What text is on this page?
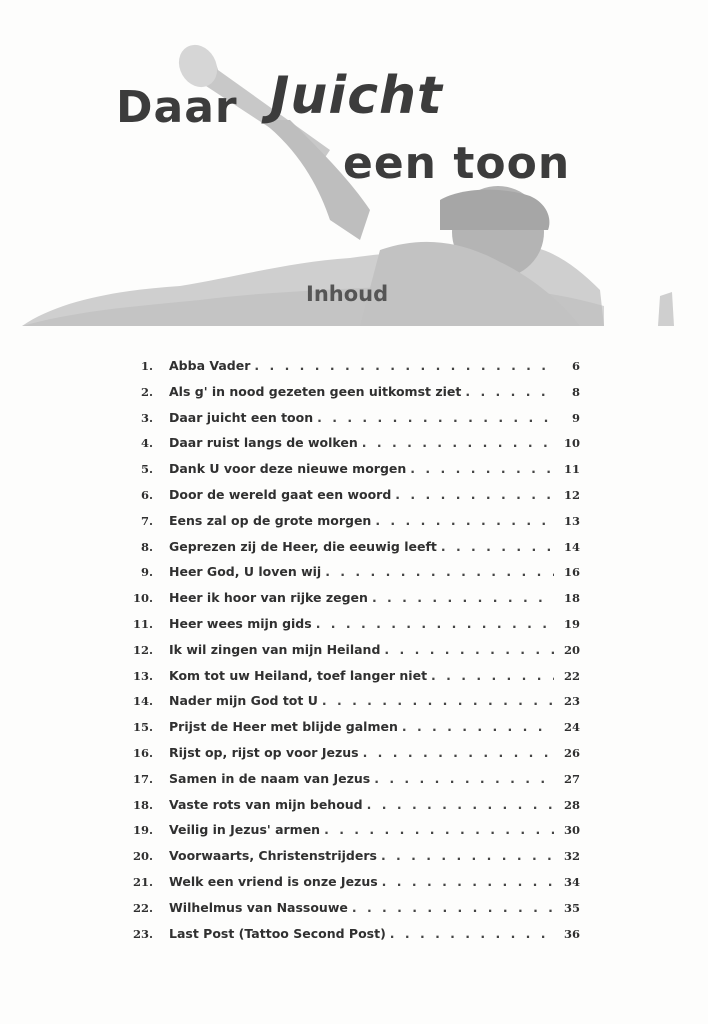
Daar Juicht
een toon
Inhoud
1. Abba Vader . . .	6
2. Als g' in nood gezeten geen uitkomst ziet . . .	8
3. Daar juicht een toon . . .	9
4. Daar ruist langs de wolken . . .	10
5. Dank U voor deze nieuwe morgen . . .	11
6. Door de wereld gaat een woord . . .	12
7. Eens zal op de grote morgen . . .	13
8. Geprezen zij de Heer, die eeuwig leeft . . .	14
9. Heer God, U loven wij . . .	16
10. Heer ik hoor van rijke zegen . . .	18
11. Heer wees mijn gids . . .	19
12. Ik wil zingen van mijn Heiland . . .	20
13. Kom tot uw Heiland, toef langer niet . . .	22
14. Nader mijn God tot U . . .	23
15. Prijst de Heer met blijde galmen . . .	24
16. Rijst op, rijst op voor Jezus . . .	26
17. Samen in de naam van Jezus . . .	27
18. Vaste rots van mijn behoud . . .	28
19. Veilig in Jezus' armen . . .	30
20. Voorwaarts, Christenstrijders . . .	32
21. Welk een vriend is onze Jezus . . .	34
22. Wilhelmus van Nassouwe . . .	35
23. Last Post (Tattoo Second Post) . . .	36
